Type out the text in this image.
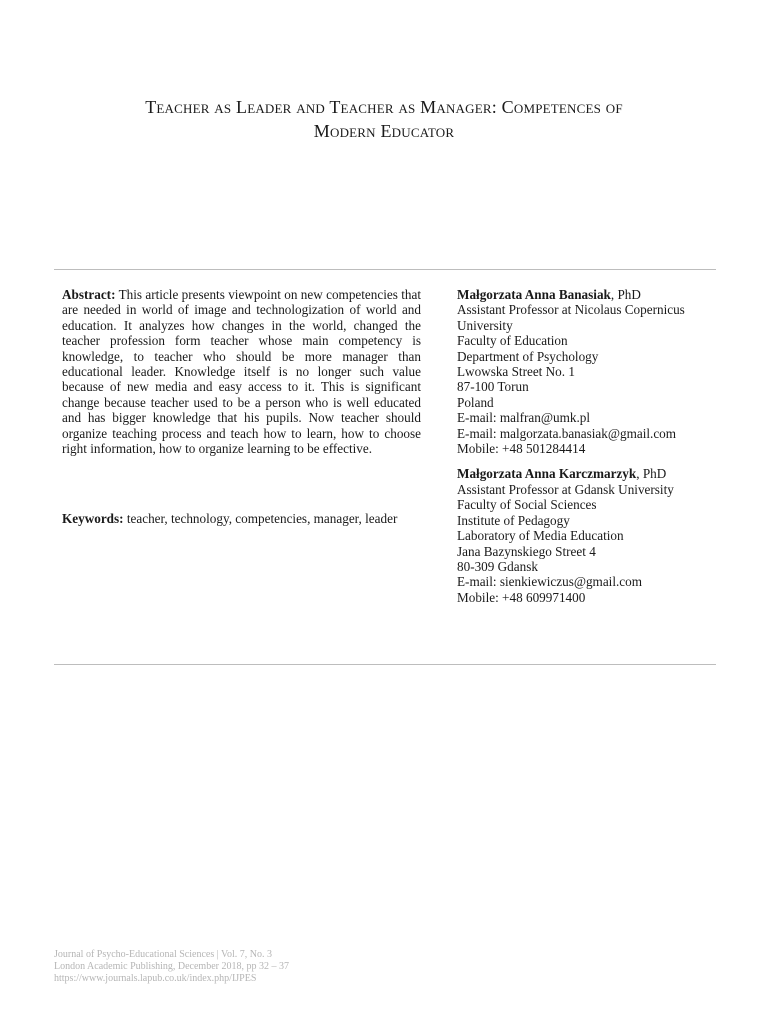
Teacher as Leader and Teacher as Manager: Competences of
Modern Educator
Abstract: This article presents viewpoint on new competencies that are needed in world of image and technologization of world and education. It analyzes how changes in the world, changed the teacher profession form teacher whose main competency is knowledge, to teacher who should be more manager than educational leader. Knowledge itself is no longer such value because of new media and easy access to it. This is significant change because teacher used to be a person who is well educated and has bigger knowledge that his pupils. Now teacher should organize teaching process and teach how to learn, how to choose right information, how to organize learning to be effective.
Keywords: teacher, technology, competencies, manager, leader
Małgorzata Anna Banasiak, PhD
Assistant Professor at Nicolaus Copernicus University
Faculty of Education
Department of Psychology
Lwowska Street No. 1
87-100 Torun
Poland
E-mail: malfran@umk.pl
E-mail: malgorzata.banasiak@gmail.com
Mobile: +48 501284414
Małgorzata Anna Karczmarzyk, PhD
Assistant Professor at Gdansk University
Faculty of Social Sciences
Institute of Pedagogy
Laboratory of Media Education
Jana Bazynskiego Street 4
80-309 Gdansk
E-mail: sienkiewiczus@gmail.com
Mobile: +48 609971400
Journal of Psycho-Educational Sciences | Vol. 7, No. 3
London Academic Publishing, December 2018, pp 32 – 37
https://www.journals.lapub.co.uk/index.php/IJPES
